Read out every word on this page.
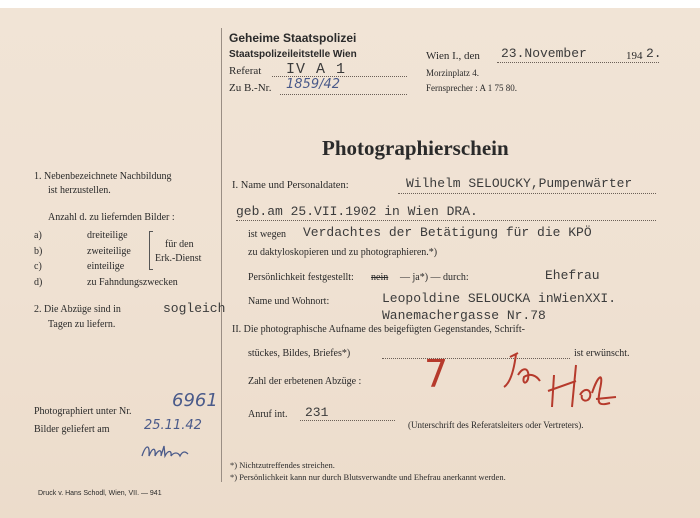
Geheime Staatspolizei
Staatspolizeileitstelle Wien
Referat IV A 1
Zu B.-Nr. 1859/42
Wien I., den 23.November	194 2.
Morzinplatz 4.
Fernsprecher : A 1 75 80.
Photographierschein
1. Nebenbezeichnete Nachbildung
ist herzustellen.
Anzahl d. zu liefernden Bilder :
a)	dreiteilige
b)	zweiteilige
c)	einteilige
d)	zu Fahndungszwecken
für den
Erk.-Dienst
2. Die Abzüge sind in	sogleich
Tagen zu liefern.
Photographiert unter Nr.
6961
Bilder geliefert am	25.11.42
Druck v. Hans Schodl, Wien, VII. — 941
I. Name und Personaldaten:	Wilhelm SELOUCKY,Pumpenwärter
geb.am 25.VII.1902 in Wien DRA.
ist wegen Verdachtes der Betätigung für die KPÖ
zu daktyloskopieren und zu photographieren.*)
Persönlichkeit festgestellt: nein — ja*) — durch:	Ehefrau
Name und Wohnort:	Leopoldine SELOUCKA inWienXXI.
Wanemachergasse Nr.78
II. Die photographische Aufname des beigefügten Gegenstandes, Schrift-
stückes, Bildes, Briefes*)	ist erwünscht.
Zahl der erbetenen Abzüge : 7
Anruf int. 231
(Unterschrift des Referatsleiters oder Vertreters).
*) Nichtzutreffendes streichen.
*) Persönlichkeit kann nur durch Blutsverwandte und Ehefrau anerkannt werden.
